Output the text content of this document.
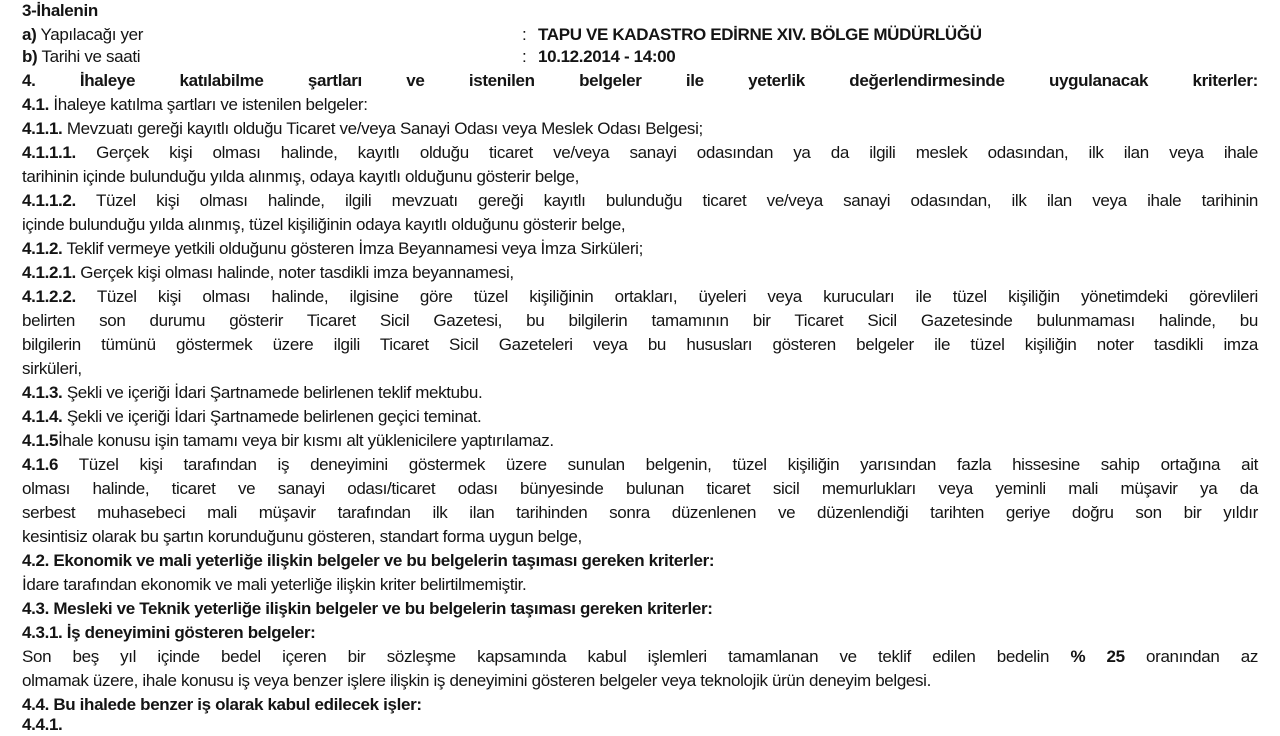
3-İhalenin
a) Yapılacağı yer	: TAPU VE KADASTRO EDİRNE XIV. BÖLGE MÜDÜRLÜĞÜ
b) Tarihi ve saati	: 10.12.2014 - 14:00
4. İhaleye katılabilme şartları ve istenilen belgeler ile yeterlik değerlendirmesinde uygulanacak kriterler:
4.1. İhaleye katılma şartları ve istenilen belgeler:
4.1.1. Mevzuatı gereği kayıtlı olduğu Ticaret ve/veya Sanayi Odası veya Meslek Odası Belgesi;
4.1.1.1. Gerçek kişi olması halinde, kayıtlı olduğu ticaret ve/veya sanayi odasından ya da ilgili meslek odasından, ilk ilan veya ihale
tarihinin içinde bulunduğu yılda alınmış, odaya kayıtlı olduğunu gösterir belge,
4.1.1.2. Tüzel kişi olması halinde, ilgili mevzuatı gereği kayıtlı bulunduğu ticaret ve/veya sanayi odasından, ilk ilan veya ihale tarihinin
içinde bulunduğu yılda alınmış, tüzel kişiliğinin odaya kayıtlı olduğunu gösterir belge,
4.1.2. Teklif vermeye yetkili olduğunu gösteren İmza Beyannamesi veya İmza Sirküleri;
4.1.2.1. Gerçek kişi olması halinde, noter tasdikli imza beyannamesi,
4.1.2.2. Tüzel kişi olması halinde, ilgisine göre tüzel kişiliğinin ortakları, üyeleri veya kurucuları ile tüzel kişiliğin yönetimdeki görevlileri
belirten son durumu gösterir Ticaret Sicil Gazetesi, bu bilgilerin tamamının bir Ticaret Sicil Gazetesinde bulunmaması halinde, bu
bilgilerin tümünü göstermek üzere ilgili Ticaret Sicil Gazeteleri veya bu hususları gösteren belgeler ile tüzel kişiliğin noter tasdikli imza
sirküleri,
4.1.3. Şekli ve içeriği İdari Şartnamede belirlenen teklif mektubu.
4.1.4. Şekli ve içeriği İdari Şartnamede belirlenen geçici teminat.
4.1.5İhale konusu işin tamamı veya bir kısmı alt yüklenicilere yaptırılamaz.
4.1.6 Tüzel kişi tarafından iş deneyimini göstermek üzere sunulan belgenin, tüzel kişiliğin yarısından fazla hissesine sahip ortağına ait
olması halinde, ticaret ve sanayi odası/ticaret odası bünyesinde bulunan ticaret sicil memurlukları veya yeminli mali müşavir ya da
serbest muhasebeci mali müşavir tarafından ilk ilan tarihinden sonra düzenlenen ve düzenlendiği tarihten geriye doğru son bir yıldır
kesintisiz olarak bu şartın korunduğunu gösteren, standart forma uygun belge,
4.2. Ekonomik ve mali yeterliğe ilişkin belgeler ve bu belgelerin taşıması gereken kriterler:
İdare tarafından ekonomik ve mali yeterliğe ilişkin kriter belirtilmemiştir.
4.3. Mesleki ve Teknik yeterliğe ilişkin belgeler ve bu belgelerin taşıması gereken kriterler:
4.3.1. İş deneyimini gösteren belgeler:
Son beş yıl içinde bedel içeren bir sözleşme kapsamında kabul işlemleri tamamlanan ve teklif edilen bedelin % 25 oranından az
olmamak üzere, ihale konusu iş veya benzer işlere ilişkin iş deneyimini gösteren belgeler veya teknolojik ürün deneyim belgesi.
4.4. Bu ihalede benzer iş olarak kabul edilecek işler:
4.4.1.
